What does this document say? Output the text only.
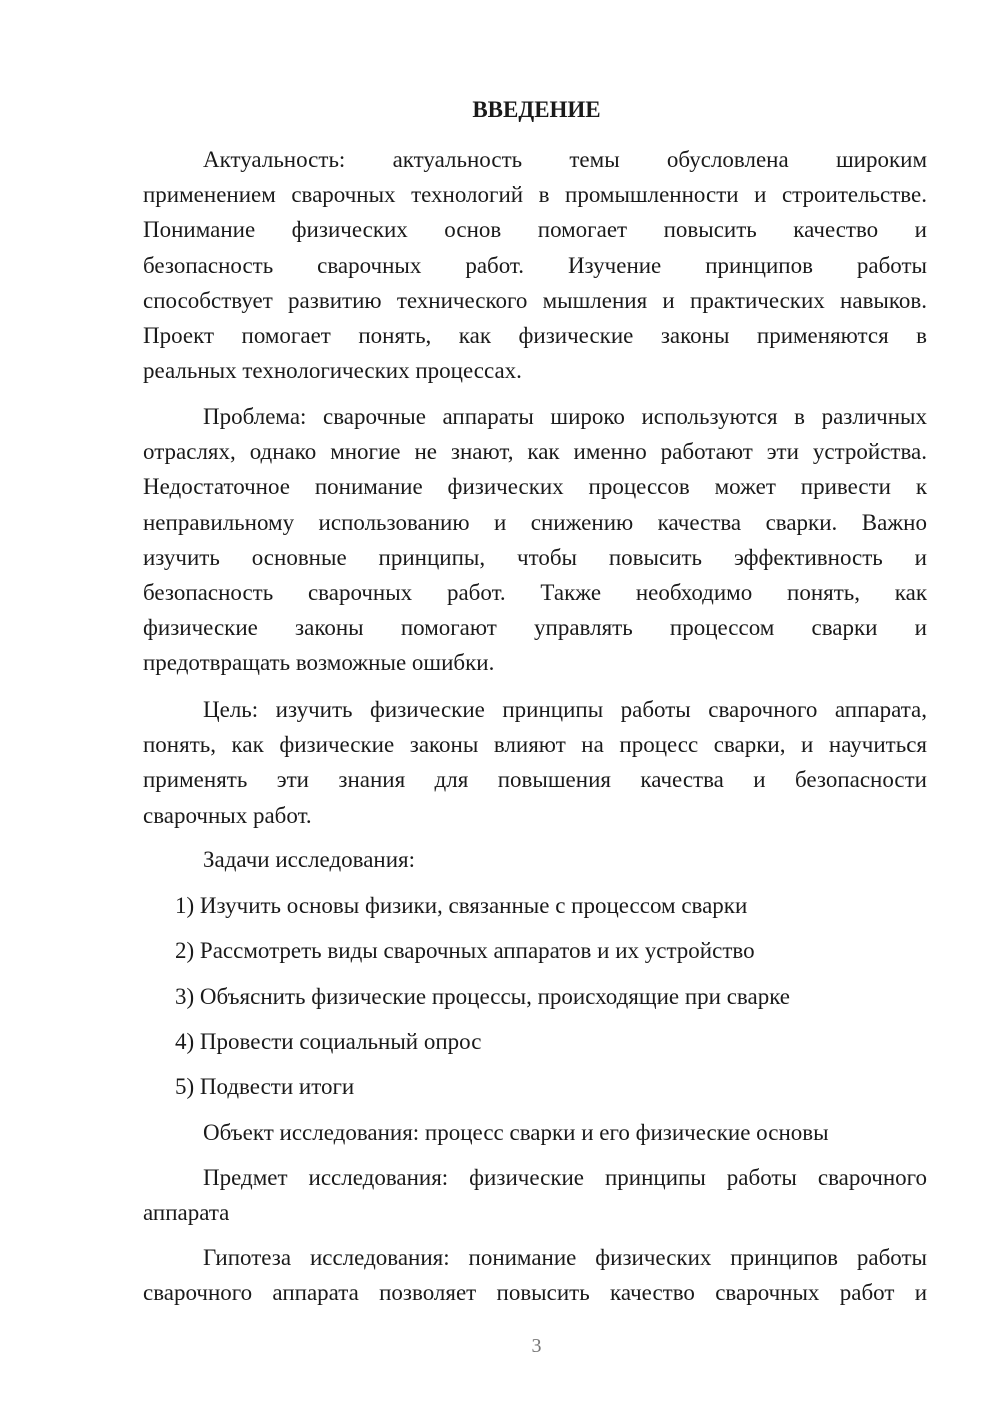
ВВЕДЕНИЕ
Актуальность: актуальность темы обусловлена широким
применением сварочных технологий в промышленности и строительстве.
Понимание физических основ помогает повысить качество и
безопасность сварочных работ. Изучение принципов работы
способствует развитию технического мышления и практических навыков.
Проект помогает понять, как физические законы применяются в
реальных технологических процессах.
Проблема: сварочные аппараты широко используются в различных
отраслях, однако многие не знают, как именно работают эти устройства.
Недостаточное понимание физических процессов может привести к
неправильному использованию и снижению качества сварки. Важно
изучить основные принципы, чтобы повысить эффективность и
безопасность сварочных работ. Также необходимо понять, как
физические законы помогают управлять процессом сварки и
предотвращать возможные ошибки.
Цель: изучить физические принципы работы сварочного аппарата,
понять, как физические законы влияют на процесс сварки, и научиться
применять эти знания для повышения качества и безопасности
сварочных работ.
Задачи исследования:
1) Изучить основы физики, связанные с процессом сварки
2) Рассмотреть виды сварочных аппаратов и их устройство
3) Объяснить физические процессы, происходящие при сварке
4) Провести социальный опрос
5) Подвести итоги
Объект исследования: процесс сварки и его физические основы
Предмет исследования: физические принципы работы сварочного
аппарата
Гипотеза исследования: понимание физических принципов работы
сварочного аппарата позволяет повысить качество сварочных работ и
3
